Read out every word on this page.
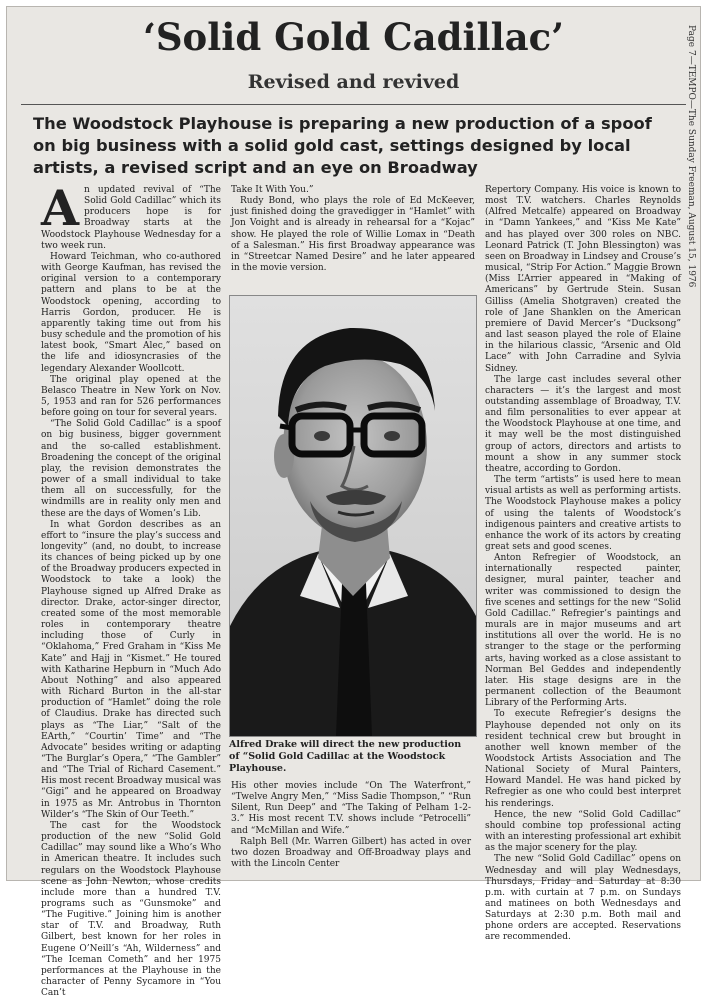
Page 7—TEMPO—The Sunday Freeman, August 15, 1976
‘Solid Gold Cadillac’
Revised and revived
The Woodstock Playhouse is preparing a new production of a spoof on big business with a solid gold cast, settings designed by local artists, a revised script and an eye on Broadway

An updated revival of “The Solid Gold Cadillac” which its producers hope is for Broadway starts at the Woodstock Playhouse Wednesday for a two week run.

Howard Teichman, who co-authored with George Kaufman, has revised the original version to a contemporary pattern and plans to be at the Woodstock opening, according to Harris Gordon, producer. He is apparently taking time out from his busy schedule and the promotion of his latest book, “Smart Alec,” based on the life and idiosyncrasies of the legendary Alexander Woollcott.

The original play opened at the Belasco Theatre in New York on Nov. 5, 1953 and ran for 526 performances before going on tour for several years.

“The Solid Gold Cadillac” is a spoof on big business, bigger government and the so-called establishment. Broadening the concept of the original play, the revision demonstrates the power of a small individual to take them all on successfully, for the windmills are in reality only men and these are the days of Women’s Lib.

In what Gordon describes as an effort to “insure the play’s success and longevity” (and, no doubt, to increase its chances of being picked up by one of the Broadway producers expected in Woodstock to take a look) the Playhouse signed up Alfred Drake as director. Drake, actor-singer director, created some of the most memorable roles in contemporary theatre including those of Curly in “Oklahoma,” Fred Graham in “Kiss Me Kate” and Hajj in “Kismet.” He toured with Katharine Hepburn in “Much Ado About Nothing” and also appeared with Richard Burton in the all-star production of “Hamlet” doing the role of Claudius. Drake has directed such plays as “The Liar,” “Salt of the EArth,” “Courtin’ Time” and “The Advocate” besides writing or adapting “The Burglar’s Opera,” “The Gambler” and “The Trial of Richard Casement.” His most recent Broadway musical was “Gigi” and he appeared on Broadway in 1975 as Mr. Antrobus in Thornton Wilder’s “The Skin of Our Teeth.”

The cast for the Woodstock production of the new “Solid Gold Cadillac” may sound like a Who’s Who in American theatre. It includes such regulars on the Woodstock Playhouse scene as John Newton, whose credits include more than a hundred T.V. programs such as “Gunsmoke” and “The Fugitive.” Joining him is another star of T.V. and Broadway, Ruth Gilbert, best known for her roles in Eugene O’Neill’s “Ah, Wilderness” and “The Iceman Cometh” and her 1975 performances at the Playhouse in the character of Penny Sycamore in “You Can’t

Take It With You.”

Rudy Bond, who plays the role of Ed McKeever, just finished doing the gravedigger in “Hamlet” with Jon Voight and is already in rehearsal for a “Kojac” show. He played the role of Willie Lomax in “Death of a Salesman.” His first Broadway appearance was in “Streetcar Named Desire” and he later appeared in the movie version.

Alfred Drake will direct the new production of “Solid Gold Cadillac at the Woodstock Playhouse.

His other movies include “On The Waterfront,” “Twelve Angry Men,” “Miss Sadie Thompson,” “Run Silent, Run Deep” and “The Taking of Pelham 1-2-3.” His most recent T.V. shows include “Petrocelli” and “McMillan and Wife.”

Ralph Bell (Mr. Warren Gilbert) has acted in over two dozen Broadway and Off-Broadway plays and with the Lincoln Center

Repertory Company. His voice is known to most T.V. watchers. Charles Reynolds (Alfred Metcalfe) appeared on Broadway in “Damn Yankees,” and “Kiss Me Kate” and has played over 300 roles on NBC. Leonard Patrick (T. John Blessington) was seen on Broadway in Lindsey and Crouse’s musical, “Strip For Action.” Maggie Brown (Miss L’Arrier appeared in “Making of Americans” by Gertrude Stein. Susan Gilliss (Amelia Shotgraven) created the role of Jane Shanklen on the American premiere of David Mercer’s “Ducksong” and last season played the role of Elaine in the hilarious classic, “Arsenic and Old Lace” with John Carradine and Sylvia Sidney.

The large cast includes several other characters — it’s the largest and most outstanding assemblage of Broadway, T.V. and film personalities to ever appear at the Woodstock Playhouse at one time, and it may well be the most distinguished group of actors, directors and artists to mount a show in any summer stock theatre, according to Gordon.

The term “artists” is used here to mean visual artists as well as performing artists. The Woodstock Playhouse makes a policy of using the talents of Woodstock’s indigenous painters and creative artists to enhance the work of its actors by creating great sets and good scenes.

Anton Refregier of Woodstock, an internationally respected painter, designer, mural painter, teacher and writer was commissioned to design the five scenes and settings for the new “Solid Gold Cadillac.” Refregier’s paintings and murals are in major museums and art institutions all over the world. He is no stranger to the stage or the performing arts, having worked as a close assistant to Norman Bel Geddes and independently later. His stage designs are in the permanent collection of the Beaumont Library of the Performing Arts.

To execute Refregier’s designs the Playhouse depended not only on its resident technical crew but brought in another well known member of the Woodstock Artists Association and The National Society of Mural Painters, Howard Mandel. He was hand picked by Refregier as one who could best interpret his renderings.

Hence, the new “Solid Gold Cadillac” should combine top professional acting with an interesting professional art exhibit as the major scenery for the play.

The new “Solid Gold Cadillac” opens on Wednesday and will play Wednesdays, Thursdays, Friday and Saturday at 8:30 p.m. with curtain at 7 p.m. on Sundays and matinees on both Wednesdays and Saturdays at 2:30 p.m. Both mail and phone orders are accepted. Reservations are recommended.
